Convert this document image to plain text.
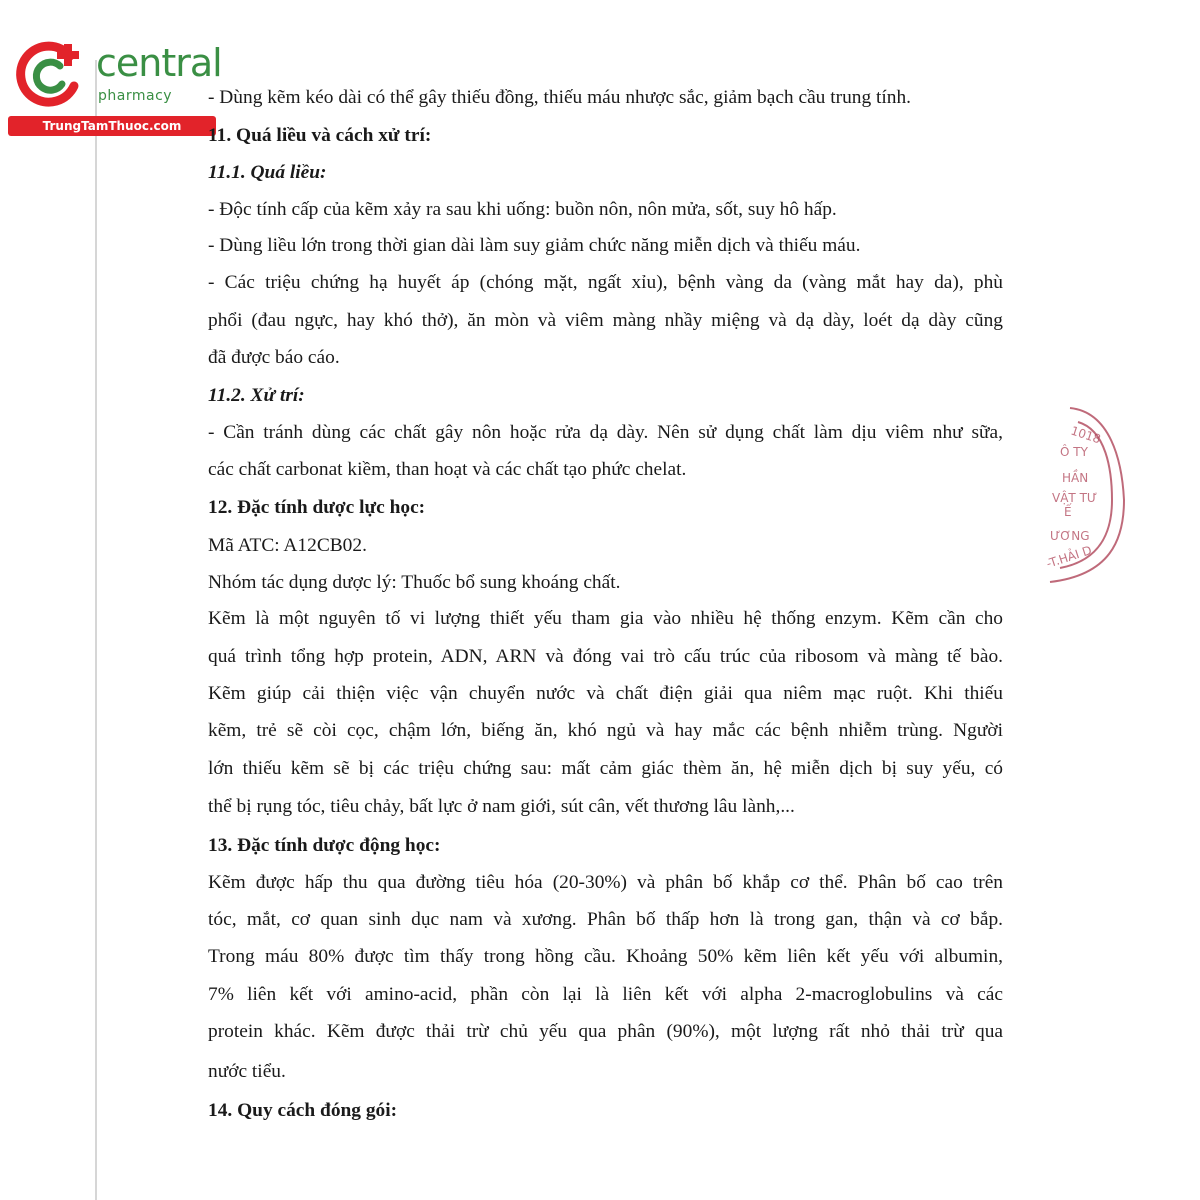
central
pharmacy
TrungTamThuoc.com
1018
Ô TY
HẦN
VẬT TƯ
Ế
ƯƠNG
-T.HẢI D
- Dùng kẽm kéo dài có thể gây thiếu đồng, thiếu máu nhược sắc, giảm bạch cầu trung tính.
11. Quá liều và cách xử trí:
11.1. Quá liều:
- Độc tính cấp của kẽm xảy ra sau khi uống: buồn nôn, nôn mửa, sốt, suy hô hấp.
- Dùng liều lớn trong thời gian dài làm suy giảm chức năng miễn dịch và thiếu máu.
- Các triệu chứng hạ huyết áp (chóng mặt, ngất xỉu), bệnh vàng da (vàng mắt hay da), phù
phổi (đau ngực, hay khó thở), ăn mòn và viêm màng nhầy miệng và dạ dày, loét dạ dày cũng
đã được báo cáo.
11.2. Xử trí:
- Cần tránh dùng các chất gây nôn hoặc rửa dạ dày. Nên sử dụng chất làm dịu viêm như sữa,
các chất carbonat kiềm, than hoạt và các chất tạo phức chelat.
12. Đặc tính dược lực học:
Mã ATC: A12CB02.
Nhóm tác dụng dược lý: Thuốc bổ sung khoáng chất.
Kẽm là một nguyên tố vi lượng thiết yếu tham gia vào nhiều hệ thống enzym. Kẽm cần cho
quá trình tổng hợp protein, ADN, ARN và đóng vai trò cấu trúc của ribosom và màng tế bào.
Kẽm giúp cải thiện việc vận chuyển nước và chất điện giải qua niêm mạc ruột. Khi thiếu
kẽm, trẻ sẽ còi cọc, chậm lớn, biếng ăn, khó ngủ và hay mắc các bệnh nhiễm trùng. Người
lớn thiếu kẽm sẽ bị các triệu chứng sau: mất cảm giác thèm ăn, hệ miễn dịch bị suy yếu, có
thể bị rụng tóc, tiêu chảy, bất lực ở nam giới, sút cân, vết thương lâu lành,...
13. Đặc tính dược động học:
Kẽm được hấp thu qua đường tiêu hóa (20-30%) và phân bố khắp cơ thể. Phân bố cao trên
tóc, mắt, cơ quan sinh dục nam và xương. Phân bố thấp hơn là trong gan, thận và cơ bắp.
Trong máu 80% được tìm thấy trong hồng cầu. Khoảng 50% kẽm liên kết yếu với albumin,
7% liên kết với amino-acid, phần còn lại là liên kết với alpha 2-macroglobulins và các
protein khác. Kẽm được thải trừ chủ yếu qua phân (90%), một lượng rất nhỏ thải trừ qua
nước tiểu.
14. Quy cách đóng gói:
